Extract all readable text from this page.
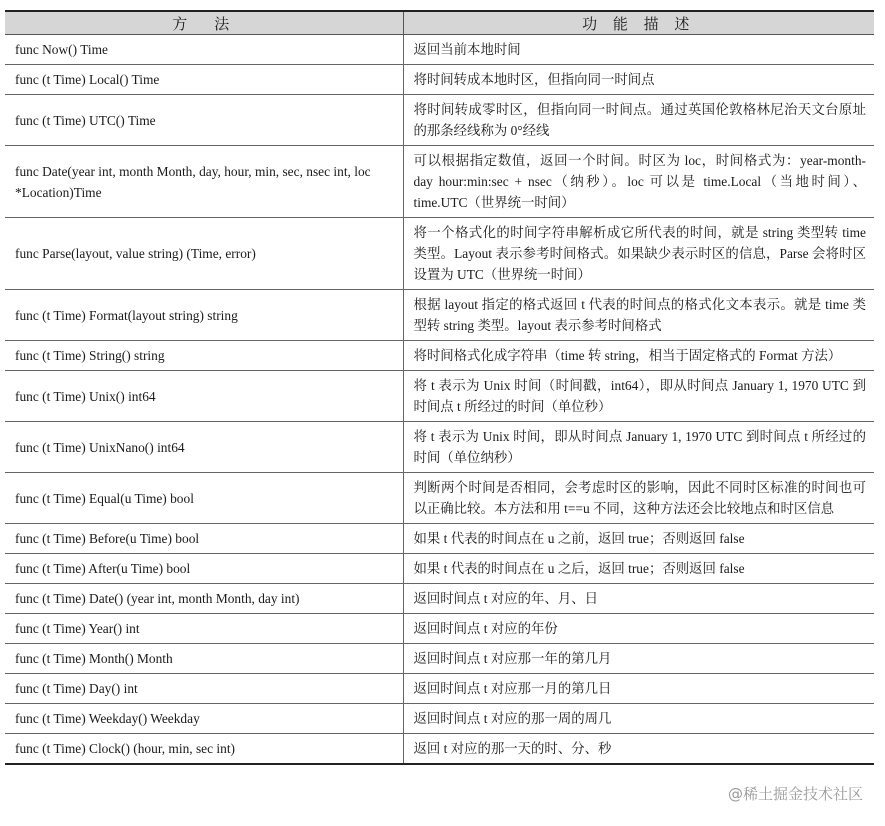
方　法	功 能 描 述
func Now() Time	返回当前本地时间
func (t Time) Local() Time	将时间转成本地时区，但指向同一时间点
func (t Time) UTC() Time	将时间转成零时区，但指向同一时间点。通过英国伦敦格林尼治天文台原址的那条经线称为 0°经线
func Date(year int, month Month, day, hour, min, sec, nsec int, loc *Location)Time	可以根据指定数值，返回一个时间。时区为 loc，时间格式为：year-month-day hour:min:sec + nsec（纳秒）。loc 可以是 time.Local（当地时间）、time.UTC（世界统一时间）
func Parse(layout, value string) (Time, error)	将一个格式化的时间字符串解析成它所代表的时间，就是 string 类型转 time 类型。Layout 表示参考时间格式。如果缺少表示时区的信息，Parse 会将时区设置为 UTC（世界统一时间）
func (t Time) Format(layout string) string	根据 layout 指定的格式返回 t 代表的时间点的格式化文本表示。就是 time 类型转 string 类型。layout 表示参考时间格式
func (t Time) String() string	将时间格式化成字符串（time 转 string，相当于固定格式的 Format 方法）
func (t Time) Unix() int64	将 t 表示为 Unix 时间（时间戳，int64），即从时间点 January 1, 1970 UTC 到时间点 t 所经过的时间（单位秒）
func (t Time) UnixNano() int64	将 t 表示为 Unix 时间，即从时间点 January 1, 1970 UTC 到时间点 t 所经过的时间（单位纳秒）
func (t Time) Equal(u Time) bool	判断两个时间是否相同，会考虑时区的影响，因此不同时区标准的时间也可以正确比较。本方法和用 t==u 不同，这种方法还会比较地点和时区信息
func (t Time) Before(u Time) bool	如果 t 代表的时间点在 u 之前，返回 true；否则返回 false
func (t Time) After(u Time) bool	如果 t 代表的时间点在 u 之后，返回 true；否则返回 false
func (t Time) Date() (year int, month Month, day int)	返回时间点 t 对应的年、月、日
func (t Time) Year() int	返回时间点 t 对应的年份
func (t Time) Month() Month	返回时间点 t 对应那一年的第几月
func (t Time) Day() int	返回时间点 t 对应那一月的第几日
func (t Time) Weekday() Weekday	返回时间点 t 对应的那一周的周几
func (t Time) Clock() (hour, min, sec int)	返回 t 对应的那一天的时、分、秒
@稀土掘金技术社区
